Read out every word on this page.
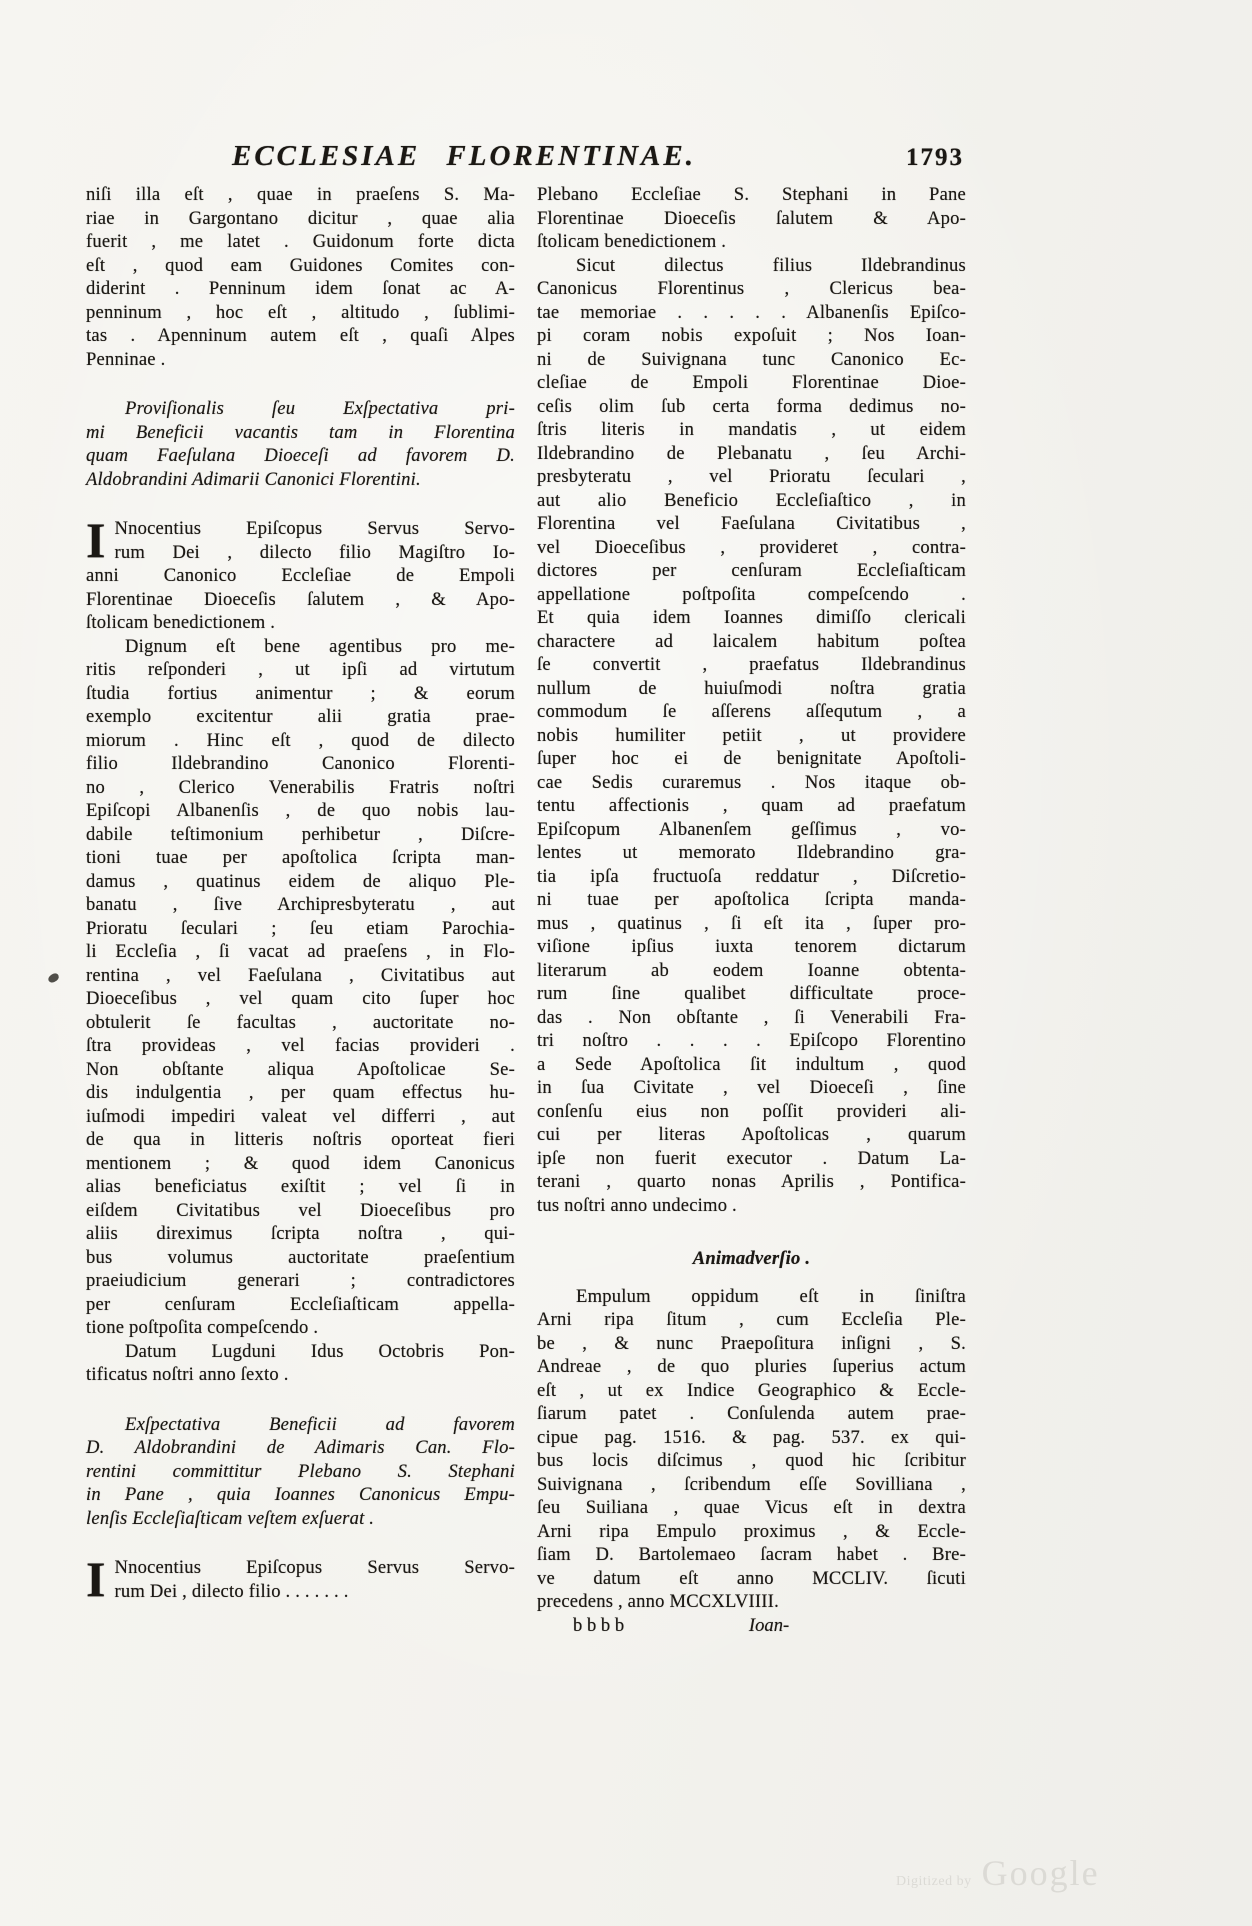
ECCLESIAE FLORENTINAE.	1793
niſi illa eſt , quae in praeſens S. Ma-
riae in Gargontano dicitur , quae alia
fuerit , me latet . Guidonum forte dicta
eſt , quod eam Guidones Comites con-
diderint . Penninum idem ſonat ac A-
penninum , hoc eſt , altitudo , ſublimi-
tas . Apenninum autem eſt , quaſi Alpes
Penninae .
Proviſionalis ſeu Exſpectativa pri-
mi Beneficii vacantis tam in Florentina
quam Faeſulana Dioeceſi ad favorem D.
Aldobrandini Adimarii Canonici Florentini.
I Nnocentius Epiſcopus Servus Servo-
rum Dei , dilecto filio Magiſtro Io-
anni Canonico Eccleſiae de Empoli
Florentinae Dioeceſis ſalutem , & Apo-
ſtolicam benedictionem .
Dignum eſt bene agentibus pro me-
ritis reſponderi , ut ipſi ad virtutum
ſtudia fortius animentur ; & eorum
exemplo excitentur alii gratia prae-
miorum . Hinc eſt , quod de dilecto
filio Ildebrandino Canonico Florenti-
no , Clerico Venerabilis Fratris noſtri
Epiſcopi Albanenſis , de quo nobis lau-
dabile teſtimonium perhibetur , Diſcre-
tioni tuae per apoſtolica ſcripta man-
damus , quatinus eidem de aliquo Ple-
banatu , ſive Archipresbyteratu , aut
Prioratu ſeculari ; ſeu etiam Parochia-
li Eccleſia , ſi vacat ad praeſens , in Flo-
rentina , vel Faeſulana , Civitatibus aut
Dioeceſibus , vel quam cito ſuper hoc
obtulerit ſe facultas , auctoritate no-
ſtra provideas , vel facias provideri .
Non obſtante aliqua Apoſtolicae Se-
dis indulgentia , per quam effectus hu-
iuſmodi impediri valeat vel differri , aut
de qua in litteris noſtris oporteat fieri
mentionem ; & quod idem Canonicus
alias beneficiatus exiſtit ; vel ſi in
eiſdem Civitatibus vel Dioeceſibus pro
aliis direximus ſcripta noſtra , qui-
bus volumus auctoritate praeſentium
praeiudicium generari ; contradictores
per cenſuram Eccleſiaſticam appella-
tione poſtpoſita compeſcendo .
Datum Lugduni Idus Octobris Pon-
tificatus noſtri anno ſexto .
Exſpectativa Beneficii ad favorem
D. Aldobrandini de Adimaris Can. Flo-
rentini committitur Plebano S. Stephani
in Pane , quia Ioannes Canonicus Empu-
lenſis Eccleſiaſticam veſtem exſuerat .
I Nnocentius Epiſcopus Servus Servo-
rum Dei , dilecto filio . . . . . . .
Plebano Eccleſiae S. Stephani in Pane
Florentinae Dioeceſis ſalutem & Apo-
ſtolicam benedictionem .
Sicut dilectus filius Ildebrandinus
Canonicus Florentinus , Clericus bea-
tae memoriae . . . . . Albanenſis Epiſco-
pi coram nobis expoſuit ; Nos Ioan-
ni de Suivignana tunc Canonico Ec-
cleſiae de Empoli Florentinae Dioe-
ceſis olim ſub certa forma dedimus no-
ſtris literis in mandatis , ut eidem
Ildebrandino de Plebanatu , ſeu Archi-
presbyteratu , vel Prioratu ſeculari ,
aut alio Beneficio Eccleſiaſtico , in
Florentina vel Faeſulana Civitatibus ,
vel Dioeceſibus , provideret , contra-
dictores per cenſuram Eccleſiaſticam
appellatione poſtpoſita compeſcendo .
Et quia idem Ioannes dimiſſo clericali
charactere ad laicalem habitum poſtea
ſe convertit , praefatus Ildebrandinus
nullum de huiuſmodi noſtra gratia
commodum ſe aſſerens aſſequtum , a
nobis humiliter petiit , ut providere
ſuper hoc ei de benignitate Apoſtoli-
cae Sedis curaremus . Nos itaque ob-
tentu affectionis , quam ad praefatum
Epiſcopum Albanenſem geſſimus , vo-
lentes ut memorato Ildebrandino gra-
tia ipſa fructuoſa reddatur , Diſcretio-
ni tuae per apoſtolica ſcripta manda-
mus , quatinus , ſi eſt ita , ſuper pro-
viſione ipſius iuxta tenorem dictarum
literarum ab eodem Ioanne obtenta-
rum ſine qualibet difficultate proce-
das . Non obſtante , ſi Venerabili Fra-
tri noſtro . . . . Epiſcopo Florentino
a Sede Apoſtolica ſit indultum , quod
in ſua Civitate , vel Dioeceſi , ſine
conſenſu eius non poſſit provideri ali-
cui per literas Apoſtolicas , quarum
ipſe non fuerit executor . Datum La-
terani , quarto nonas Aprilis , Pontifica-
tus noſtri anno undecimo .
Animadverſio .
Empulum oppidum eſt in ſiniſtra
Arni ripa ſitum , cum Eccleſia Ple-
be , & nunc Praepoſitura inſigni , S.
Andreae , de quo pluries ſuperius actum
eſt , ut ex Indice Geographico & Eccle-
ſiarum patet . Conſulenda autem prae-
cipue pag. 1516. & pag. 537. ex qui-
bus locis diſcimus , quod hic ſcribitur
Suivignana , ſcribendum eſſe Sovilliana ,
ſeu Suiliana , quae Vicus eſt in dextra
Arni ripa Empulo proximus , & Eccle-
ſiam D. Bartolemaeo ſacram habet . Bre-
ve datum eſt anno MCCLIV. ſicuti
precedens , anno MCCXLVIIII.
b b b b	Ioan-
Digitized by Google
